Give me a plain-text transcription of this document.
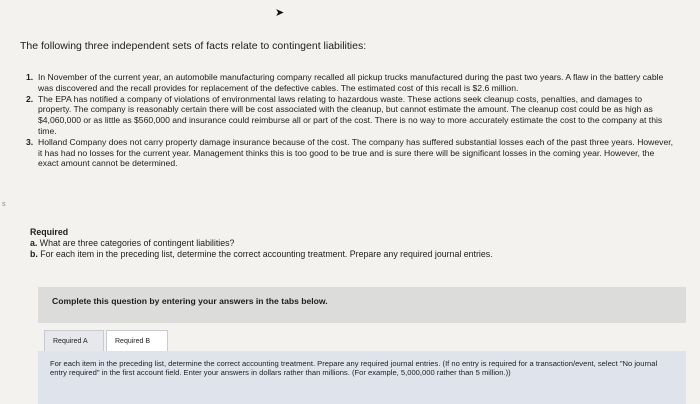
➤
s

The following three independent sets of facts relate to contingent liabilities:

1. In November of the current year, an automobile manufacturing company recalled all pickup trucks manufactured during the past two years. A flaw in the battery cable was discovered and the recall provides for replacement of the defective cables. The estimated cost of this recall is $2.6 million.
2. The EPA has notified a company of violations of environmental laws relating to hazardous waste. These actions seek cleanup costs, penalties, and damages to property. The company is reasonably certain there will be cost associated with the cleanup, but cannot estimate the amount. The cleanup cost could be as high as $4,060,000 or as little as $560,000 and insurance could reimburse all or part of the cost. There is no way to more accurately estimate the cost to the company at this time.
3. Holland Company does not carry property damage insurance because of the cost. The company has suffered substantial losses each of the past three years. However, it has had no losses for the current year. Management thinks this is too good to be true and is sure there will be significant losses in the coming year. However, the exact amount cannot be determined.
Required
a. What are three categories of contingent liabilities?
b. For each item in the preceding list, determine the correct accounting treatment. Prepare any required journal entries.
Complete this question by entering your answers in the tabs below.
Required A	Required B
For each item in the preceding list, determine the correct accounting treatment. Prepare any required journal entries. (If no entry is required for a transaction/event, select "No journal entry required" in the first account field. Enter your answers in dollars rather than millions. (For example, 5,000,000 rather than 5 million.))
